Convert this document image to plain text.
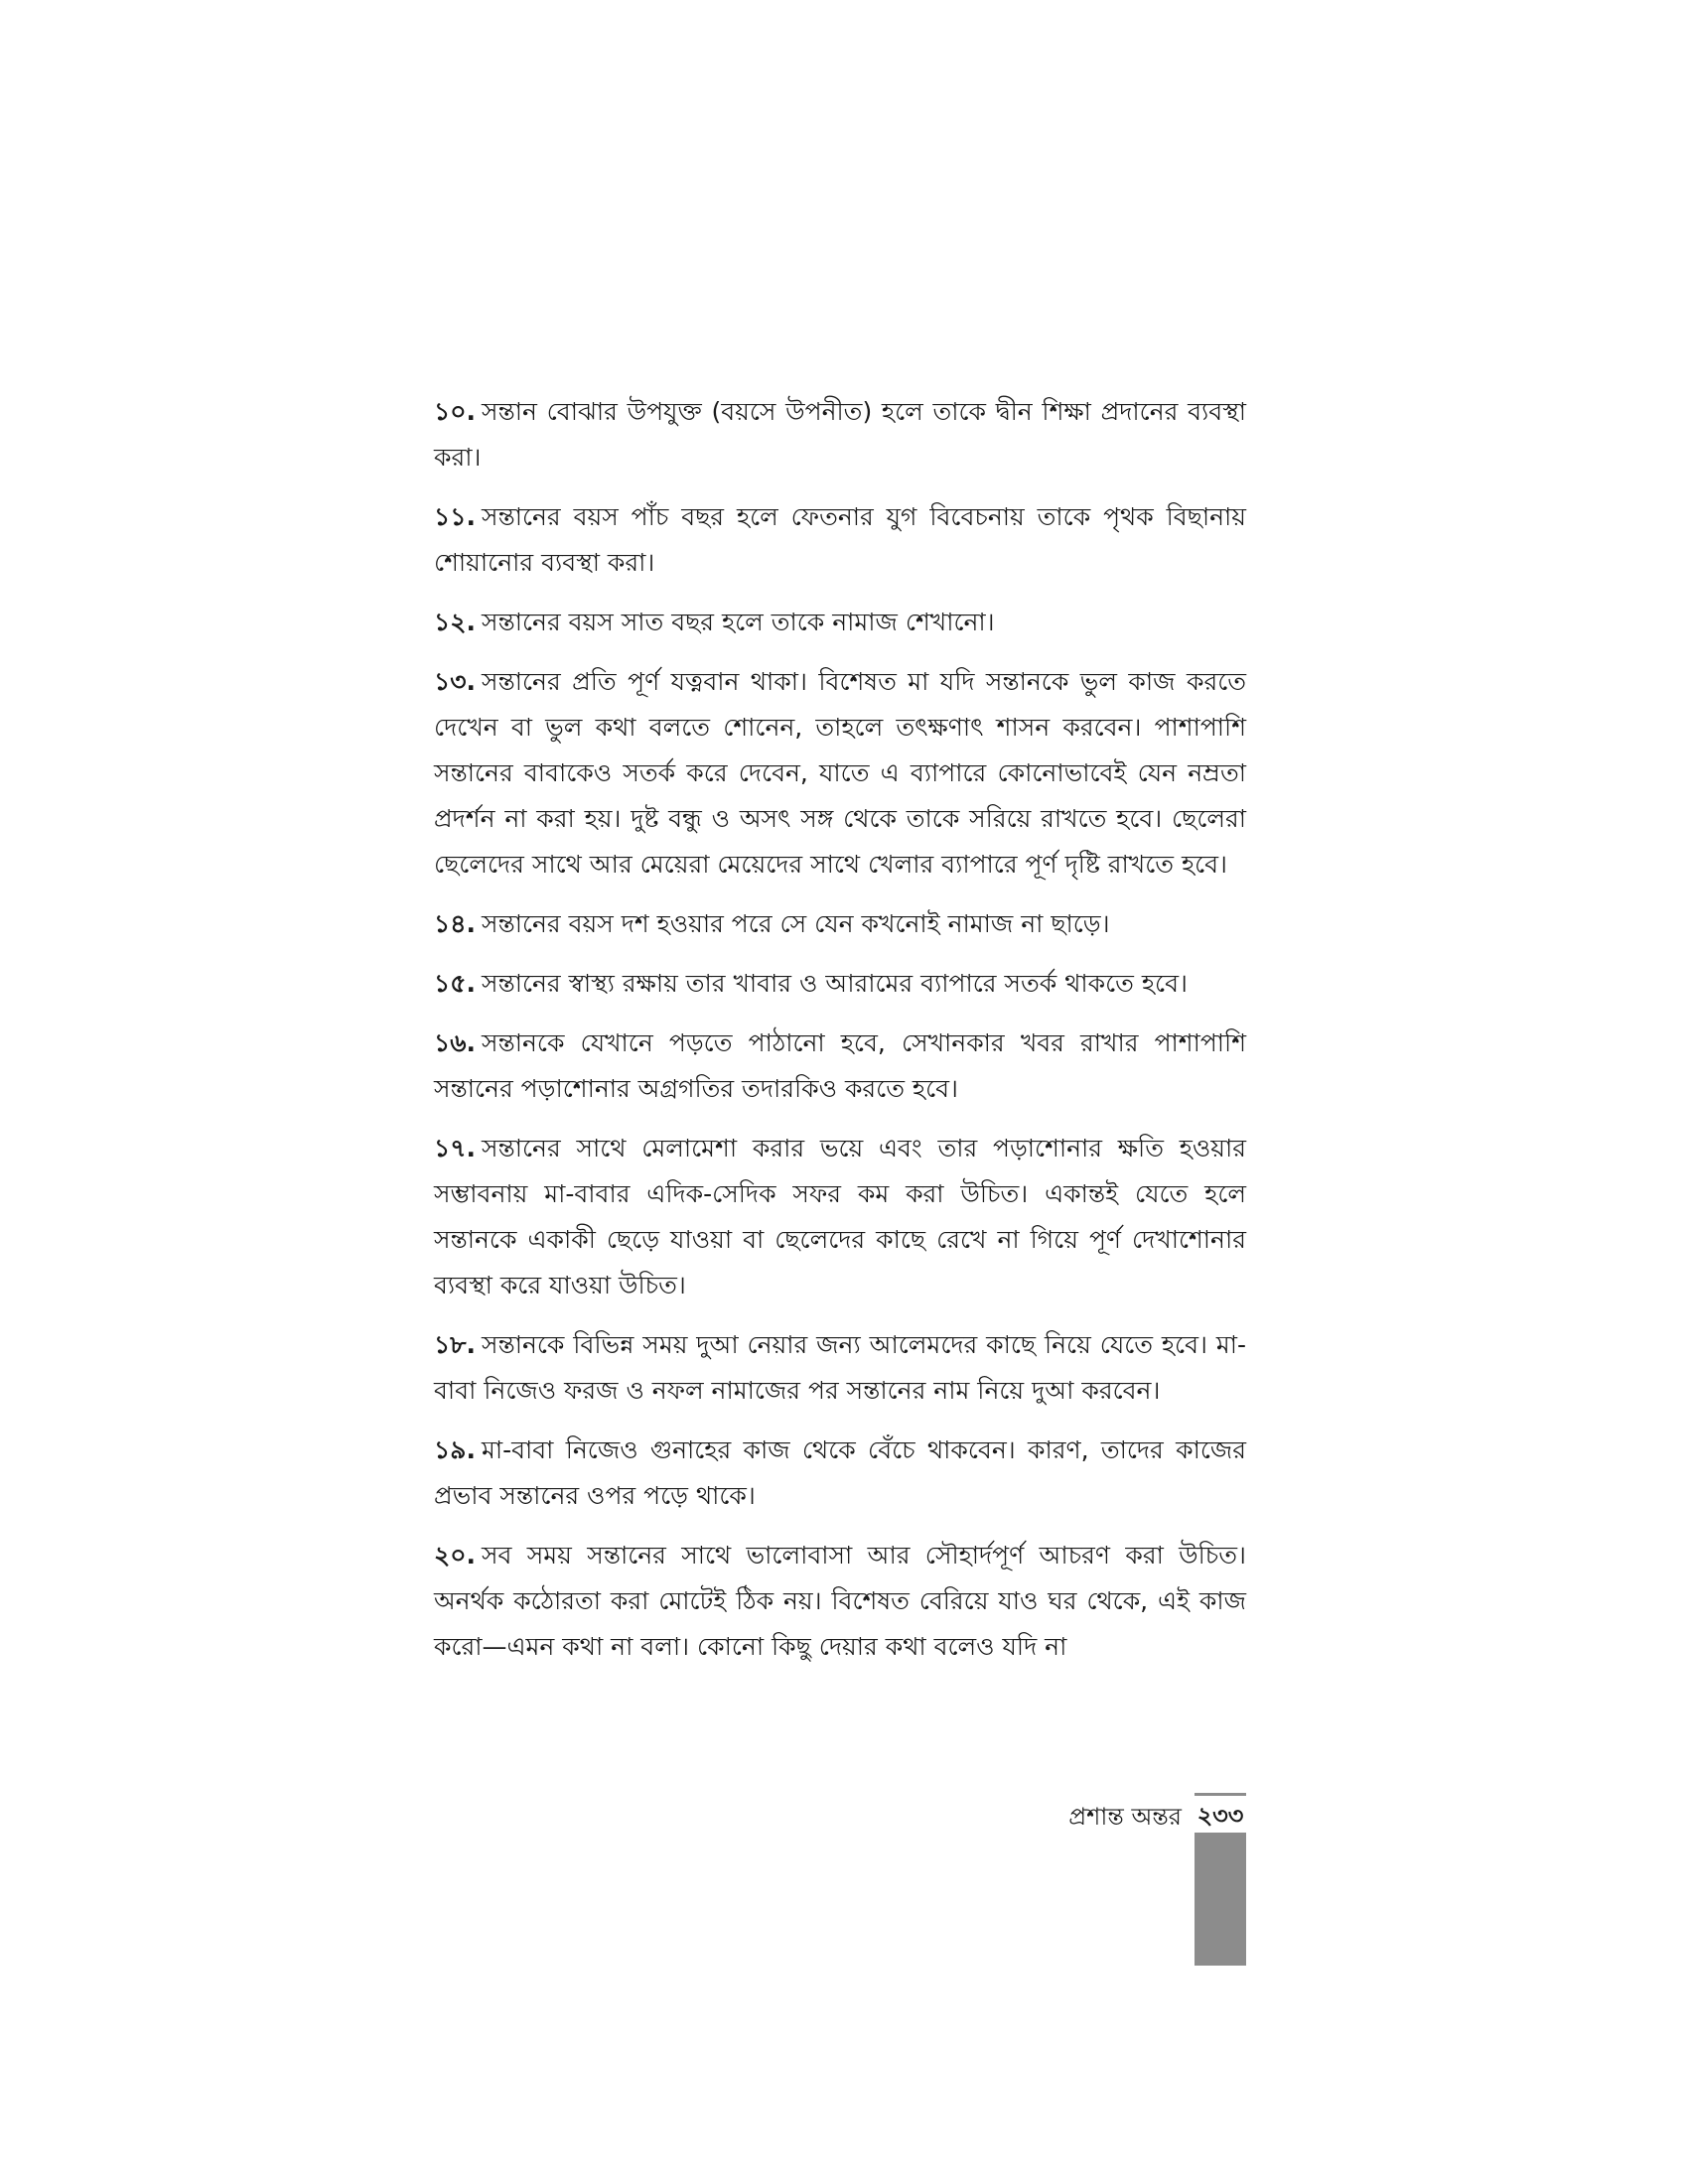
১০. সন্তান বোঝার উপযুক্ত (বয়সে উপনীত) হলে তাকে দ্বীন শিক্ষা প্রদানের ব্যবস্থা করা।

১১. সন্তানের বয়স পাঁচ বছর হলে ফেতনার যুগ বিবেচনায় তাকে পৃথক বিছানায় শোয়ানোর ব্যবস্থা করা।

১২. সন্তানের বয়স সাত বছর হলে তাকে নামাজ শেখানো।

১৩. সন্তানের প্রতি পূর্ণ যত্নবান থাকা। বিশেষত মা যদি সন্তানকে ভুল কাজ করতে দেখেন বা ভুল কথা বলতে শোনেন, তাহলে তৎক্ষণাৎ শাসন করবেন। পাশাপাশি সন্তানের বাবাকেও সতর্ক করে দেবেন, যাতে এ ব্যাপারে কোনোভাবেই যেন নম্রতা প্রদর্শন না করা হয়। দুষ্ট বন্ধু ও অসৎ সঙ্গ থেকে তাকে সরিয়ে রাখতে হবে। ছেলেরা ছেলেদের সাথে আর মেয়েরা মেয়েদের সাথে খেলার ব্যাপারে পূর্ণ দৃষ্টি রাখতে হবে।

১৪. সন্তানের বয়স দশ হওয়ার পরে সে যেন কখনোই নামাজ না ছাড়ে।

১৫. সন্তানের স্বাস্থ্য রক্ষায় তার খাবার ও আরামের ব্যাপারে সতর্ক থাকতে হবে।

১৬. সন্তানকে যেখানে পড়তে পাঠানো হবে, সেখানকার খবর রাখার পাশাপাশি সন্তানের পড়াশোনার অগ্রগতির তদারকিও করতে হবে।

১৭. সন্তানের সাথে মেলামেশা করার ভয়ে এবং তার পড়াশোনার ক্ষতি হওয়ার সম্ভাবনায় মা-বাবার এদিক-সেদিক সফর কম করা উচিত। একান্তই যেতে হলে সন্তানকে একাকী ছেড়ে যাওয়া বা ছেলেদের কাছে রেখে না গিয়ে পূর্ণ দেখাশোনার ব্যবস্থা করে যাওয়া উচিত।

১৮. সন্তানকে বিভিন্ন সময় দুআ নেয়ার জন্য আলেমদের কাছে নিয়ে যেতে হবে। মা-বাবা নিজেও ফরজ ও নফল নামাজের পর সন্তানের নাম নিয়ে দুআ করবেন।

১৯. মা-বাবা নিজেও গুনাহের কাজ থেকে বেঁচে থাকবেন। কারণ, তাদের কাজের প্রভাব সন্তানের ওপর পড়ে থাকে।

২০. সব সময় সন্তানের সাথে ভালোবাসা আর সৌহার্দপূর্ণ আচরণ করা উচিত। অনর্থক কঠোরতা করা মোটেই ঠিক নয়। বিশেষত বেরিয়ে যাও ঘর থেকে, এই কাজ করো—এমন কথা না বলা। কোনো কিছু দেয়ার কথা বলেও যদি না

প্রশান্ত অন্তর ২৩৩
